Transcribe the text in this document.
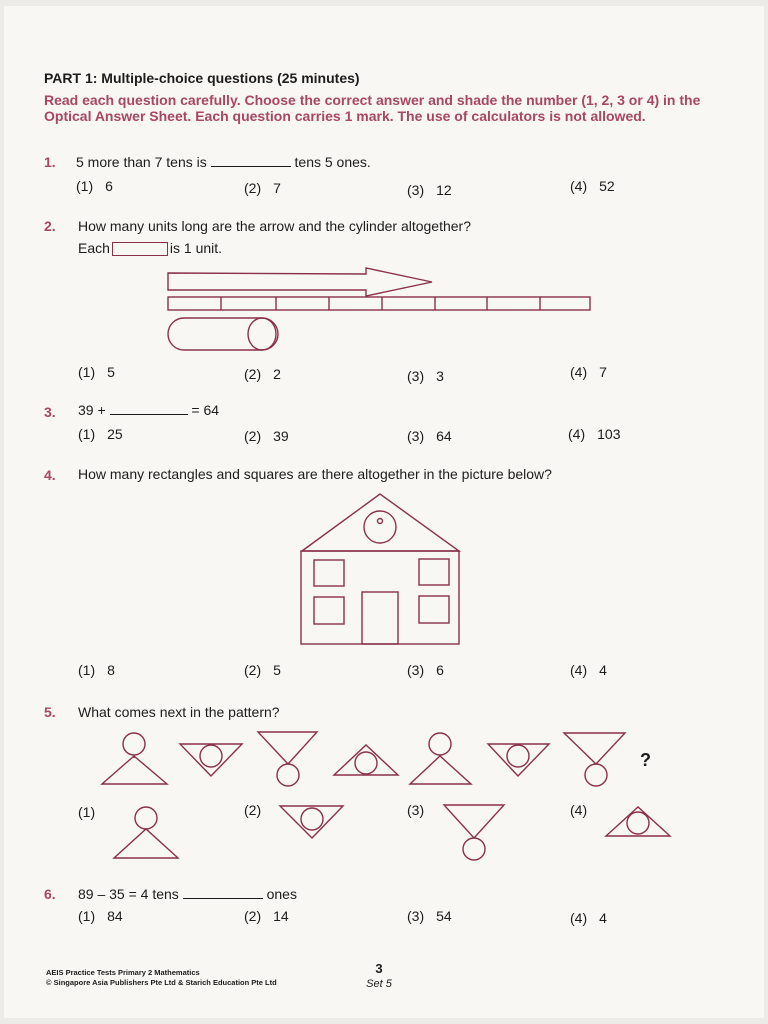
PART 1: Multiple-choice questions (25 minutes)
Read each question carefully. Choose the correct answer and shade the number (1, 2, 3 or 4) in the Optical Answer Sheet. Each question carries 1 mark. The use of calculators is not allowed.
1. 5 more than 7 tens is	tens 5 ones.
(1) 6	(2) 7	(3) 12	(4) 52
2. How many units long are the arrow and the cylinder altogether?
Each	is 1 unit.
(1) 5	(2) 2	(3) 3	(4) 7
3. 39 +	= 64
(1) 25	(2) 39	(3) 64	(4) 103
4. How many rectangles and squares are there altogether in the picture below?
(1) 8	(2) 5	(3) 6	(4) 4
5. What comes next in the pattern?
?
(1)	(2)	(3)	(4)
6. 89 – 35 = 4 tens	ones
(1) 84	(2) 14	(3) 54	(4) 4
AEIS Practice Tests Primary 2 Mathematics
© Singapore Asia Publishers Pte Ltd & Starich Education Pte Ltd
3
Set 5
